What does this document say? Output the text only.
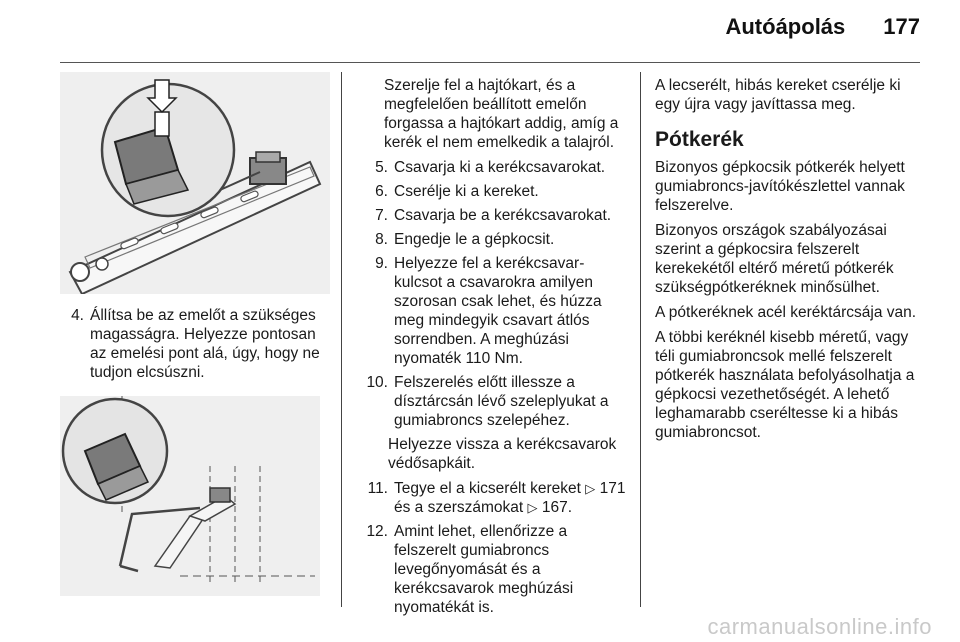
Autóápolás 177
4. Állítsa be az emelőt a szükséges magasságra. Helyezze pontosan az emelési pont alá, úgy, hogy ne tudjon elcsúszni.
Szerelje fel a hajtókart, és a megfelelően beállított emelőn forgassa a hajtókart addig, amíg a kerék el nem emelkedik a talajról.
5. Csavarja ki a kerékcsavarokat.
6. Cserélje ki a kereket.
7. Csavarja be a kerékcsavarokat.
8. Engedje le a gépkocsit.
9. Helyezze fel a kerékcsavar-kulcsot a csavarokra amilyen szorosan csak lehet, és húzza meg mindegyik csavart átlós sorrendben. A meghúzási nyomaték 110 Nm.
10. Felszerelés előtt illessze a dísztárcsán lévő szeleplyukat a gumiabroncs szelepéhez.
Helyezze vissza a kerékcsavarok védősapkáit.
11. Tegye el a kicserélt kereket ▷ 171 és a szerszámokat ▷ 167.
12. Amint lehet, ellenőrizze a felszerelt gumiabroncs levegőnyomását és a kerékcsavarok meghúzási nyomatékát is.

A lecserélt, hibás kereket cserélje ki egy újra vagy javíttassa meg.

Pótkerék

Bizonyos gépkocsik pótkerék helyett gumiabroncs-javítókészlettel vannak felszerelve.

Bizonyos országok szabályozásai szerint a gépkocsira felszerelt kerekekétől eltérő méretű pótkerék szükségpótkeréknek minősülhet.

A pótkeréknek acél keréktárcsája van.

A többi keréknél kisebb méretű, vagy téli gumiabroncsok mellé felszerelt pótkerék használata befolyásolhatja a gépkocsi vezethetőségét. A lehető leghamarabb cseréltesse ki a hibás gumiabroncsot.

carmanualsonline.info
